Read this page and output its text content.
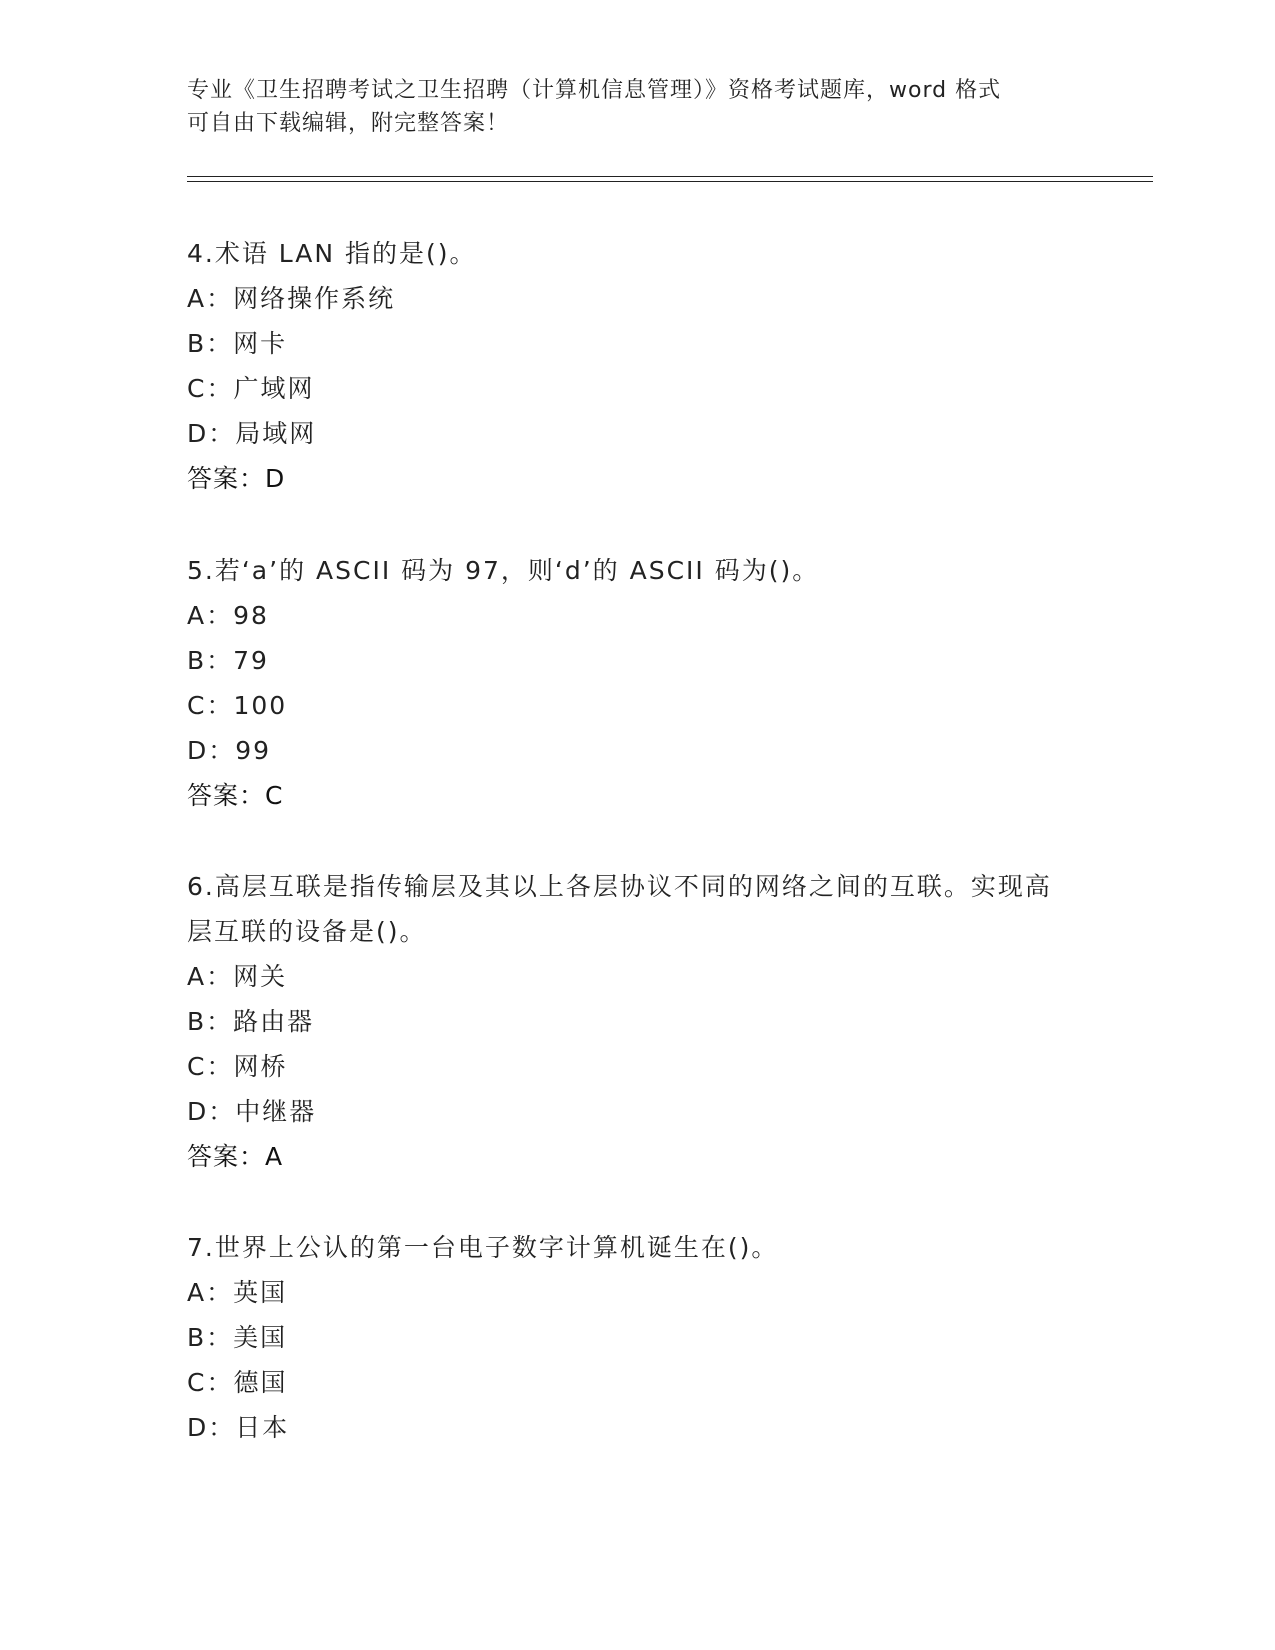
专业《卫生招聘考试之卫生招聘（计算机信息管理）》资格考试题库，word 格式
可自由下载编辑，附完整答案！
4.术语 LAN 指的是()。
A：网络操作系统
B：网卡
C：广域网
D：局域网
答案：D
5.若‘a’的 ASCII 码为 97，则‘d’的 ASCII 码为()。
A：98
B：79
C：100
D：99
答案：C
6.高层互联是指传输层及其以上各层协议不同的网络之间的互联。实现高层互联的设备是()。
A：网关
B：路由器
C：网桥
D：中继器
答案：A
7.世界上公认的第一台电子数字计算机诞生在()。
A：英国
B：美国
C：德国
D：日本
